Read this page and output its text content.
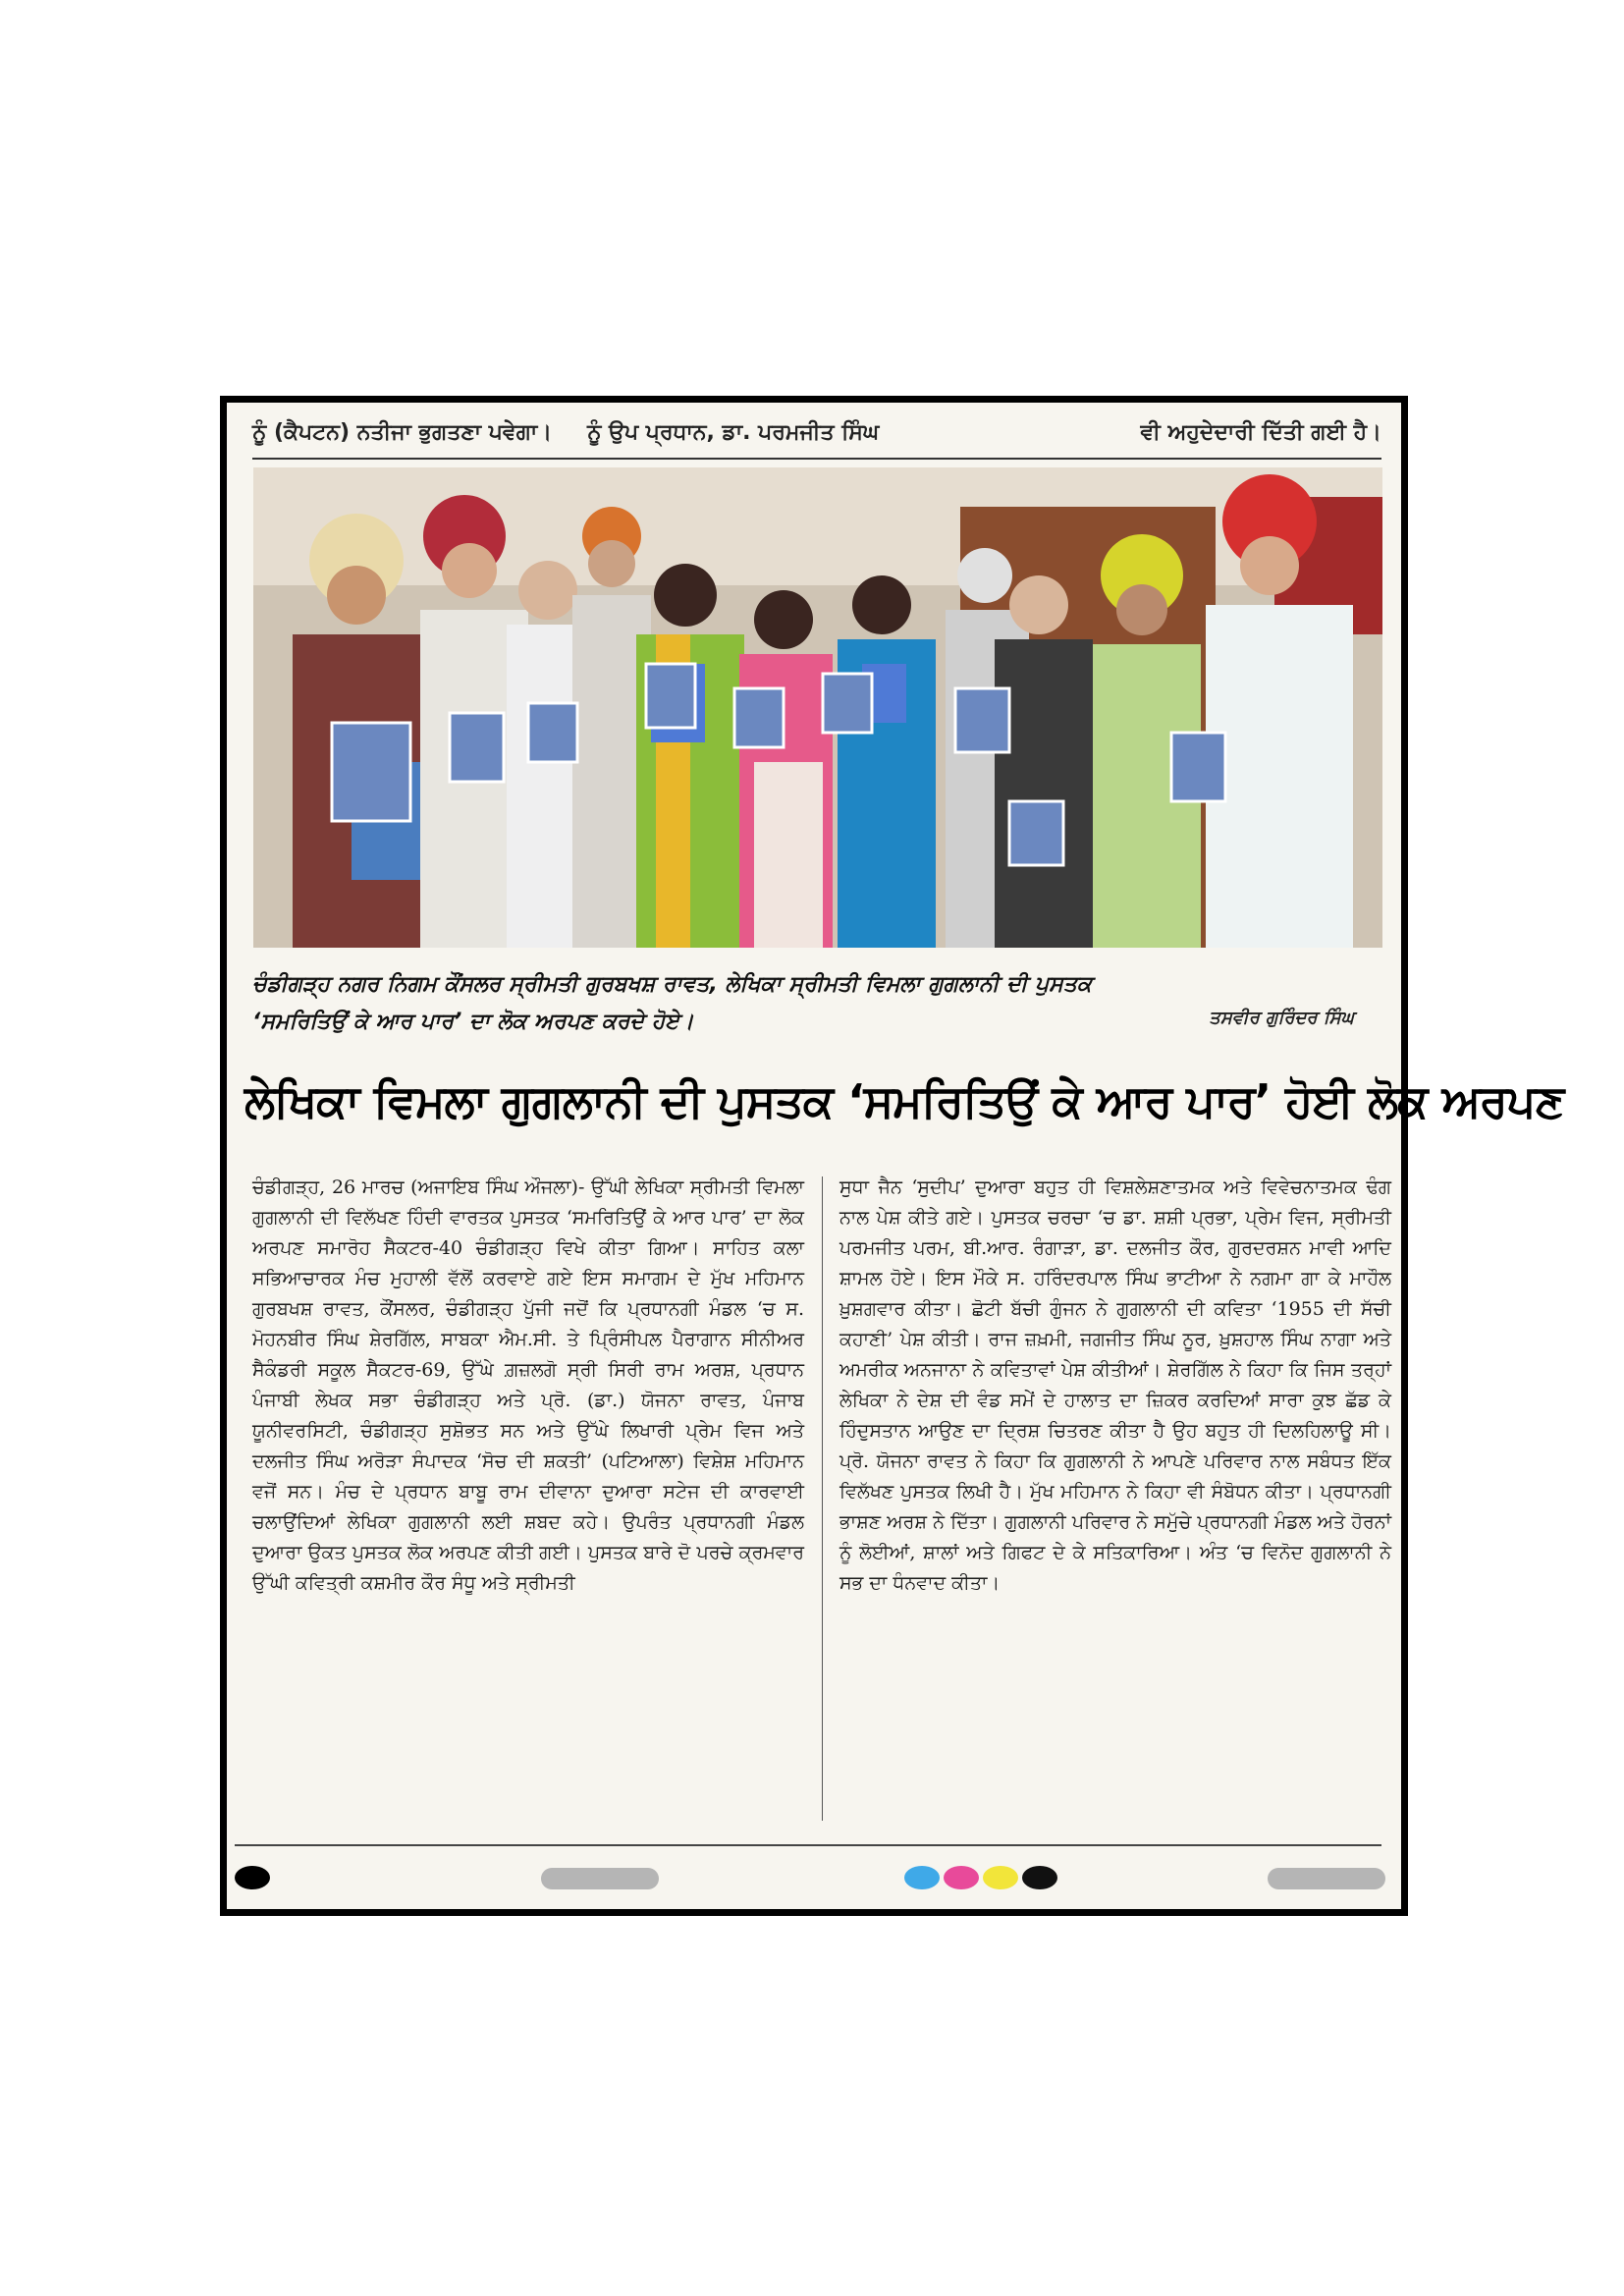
ਨੂੰ (ਕੈਪਟਨ) ਨਤੀਜਾ ਭੁਗਤਣਾ ਪਵੇਗਾ। ਨੂੰ ਉਪ ਪ੍ਰਧਾਨ, ਡਾ. ਪਰਮਜੀਤ ਸਿੰਘ	ਵੀ ਅਹੁਦੇਦਾਰੀ ਦਿੱਤੀ ਗਈ ਹੈ।
ਚੰਡੀਗੜ੍ਹ ਨਗਰ ਨਿਗਮ ਕੌਂਸਲਰ ਸ੍ਰੀਮਤੀ ਗੁਰਬਖਸ਼ ਰਾਵਤ, ਲੇਖਿਕਾ ਸ੍ਰੀਮਤੀ ਵਿਮਲਾ ਗੁਗਲਾਨੀ ਦੀ ਪੁਸਤਕ
‘ਸਮਰਿਤਿਉਂ ਕੇ ਆਰ ਪਾਰ’ ਦਾ ਲੋਕ ਅਰਪਣ ਕਰਦੇ ਹੋਏ।	ਤਸਵੀਰ ਗੁਰਿੰਦਰ ਸਿੰਘ
ਲੇਖਿਕਾ ਵਿਮਲਾ ਗੁਗਲਾਨੀ ਦੀ ਪੁਸਤਕ ‘ਸਮਰਿਤਿਉਂ ਕੇ ਆਰ ਪਾਰ’ ਹੋਈ ਲੋਕ ਅਰਪਣ
ਚੰਡੀਗੜ੍ਹ, 26 ਮਾਰਚ (ਅਜਾਇਬ ਸਿੰਘ ਔਜਲਾ)- ਉੱਘੀ ਲੇਖਿਕਾ ਸ੍ਰੀਮਤੀ ਵਿਮਲਾ ਗੁਗਲਾਨੀ ਦੀ ਵਿਲੱਖਣ ਹਿੰਦੀ ਵਾਰਤਕ ਪੁਸਤਕ ‘ਸਮਰਿਤਿਉਂ ਕੇ ਆਰ ਪਾਰ’ ਦਾ ਲੋਕ ਅਰਪਣ ਸਮਾਰੋਹ ਸੈਕਟਰ-40 ਚੰਡੀਗੜ੍ਹ ਵਿਖੇ ਕੀਤਾ ਗਿਆ। ਸਾਹਿਤ ਕਲਾ ਸਭਿਆਚਾਰਕ ਮੰਚ ਮੁਹਾਲੀ ਵੱਲੋਂ ਕਰਵਾਏ ਗਏ ਇਸ ਸਮਾਗਮ ਦੇ ਮੁੱਖ ਮਹਿਮਾਨ ਗੁਰਬਖਸ਼ ਰਾਵਤ, ਕੌਂਸਲਰ, ਚੰਡੀਗੜ੍ਹ ਪੁੱਜੀ ਜਦੋਂ ਕਿ ਪ੍ਰਧਾਨਗੀ ਮੰਡਲ ‘ਚ ਸ. ਮੋਹਨਬੀਰ ਸਿੰਘ ਸ਼ੇਰਗਿੱਲ, ਸਾਬਕਾ ਐਮ.ਸੀ. ਤੇ ਪ੍ਰਿੰਸੀਪਲ ਪੈਰਾਗਾਨ ਸੀਨੀਅਰ ਸੈਕੰਡਰੀ ਸਕੂਲ ਸੈਕਟਰ-69, ਉੱਘੇ ਗ਼ਜ਼ਲਗੋ ਸ੍ਰੀ ਸਿਰੀ ਰਾਮ ਅਰਸ਼, ਪ੍ਰਧਾਨ ਪੰਜਾਬੀ ਲੇਖਕ ਸਭਾ ਚੰਡੀਗੜ੍ਹ ਅਤੇ ਪ੍ਰੋ. (ਡਾ.) ਯੋਜਨਾ ਰਾਵਤ, ਪੰਜਾਬ ਯੂਨੀਵਰਸਿਟੀ, ਚੰਡੀਗੜ੍ਹ ਸੁਸ਼ੋਭਤ ਸਨ ਅਤੇ ਉੱਘੇ ਲਿਖਾਰੀ ਪ੍ਰੇਮ ਵਿਜ ਅਤੇ ਦਲਜੀਤ ਸਿੰਘ ਅਰੋੜਾ ਸੰਪਾਦਕ ‘ਸੋਚ ਦੀ ਸ਼ਕਤੀ’ (ਪਟਿਆਲਾ) ਵਿਸ਼ੇਸ਼ ਮਹਿਮਾਨ ਵਜੋਂ ਸਨ। ਮੰਚ ਦੇ ਪ੍ਰਧਾਨ ਬਾਬੂ ਰਾਮ ਦੀਵਾਨਾ ਦੁਆਰਾ ਸਟੇਜ ਦੀ ਕਾਰਵਾਈ ਚਲਾਉਂਦਿਆਂ ਲੇਖਿਕਾ ਗੁਗਲਾਨੀ ਲਈ ਸ਼ਬਦ ਕਹੇ। ਉਪਰੰਤ ਪ੍ਰਧਾਨਗੀ ਮੰਡਲ ਦੁਆਰਾ ਉਕਤ ਪੁਸਤਕ ਲੋਕ ਅਰਪਣ ਕੀਤੀ ਗਈ। ਪੁਸਤਕ ਬਾਰੇ ਦੋ ਪਰਚੇ ਕ੍ਰਮਵਾਰ ਉੱਘੀ ਕਵਿਤ੍ਰੀ ਕਸ਼ਮੀਰ ਕੌਰ ਸੰਧੂ ਅਤੇ ਸ੍ਰੀਮਤੀ
ਸੁਧਾ ਜੈਨ ‘ਸੁਦੀਪ’ ਦੁਆਰਾ ਬਹੁਤ ਹੀ ਵਿਸ਼ਲੇਸ਼ਣਾਤਮਕ ਅਤੇ ਵਿਵੇਚਨਾਤਮਕ ਢੰਗ ਨਾਲ ਪੇਸ਼ ਕੀਤੇ ਗਏ। ਪੁਸਤਕ ਚਰਚਾ ‘ਚ ਡਾ. ਸ਼ਸ਼ੀ ਪ੍ਰਭਾ, ਪ੍ਰੇਮ ਵਿਜ, ਸ੍ਰੀਮਤੀ ਪਰਮਜੀਤ ਪਰਮ, ਬੀ.ਆਰ. ਰੰਗਾੜਾ, ਡਾ. ਦਲਜੀਤ ਕੌਰ, ਗੁਰਦਰਸ਼ਨ ਮਾਵੀ ਆਦਿ ਸ਼ਾਮਲ ਹੋਏ। ਇਸ ਮੌਕੇ ਸ. ਹਰਿੰਦਰਪਾਲ ਸਿੰਘ ਭਾਟੀਆ ਨੇ ਨਗਮਾ ਗਾ ਕੇ ਮਾਹੌਲ ਖ਼ੁਸ਼ਗਵਾਰ ਕੀਤਾ। ਛੋਟੀ ਬੱਚੀ ਗੁੰਜਨ ਨੇ ਗੁਗਲਾਨੀ ਦੀ ਕਵਿਤਾ ‘1955 ਦੀ ਸੱਚੀ ਕਹਾਣੀ’ ਪੇਸ਼ ਕੀਤੀ। ਰਾਜ ਜ਼ਖ਼ਮੀ, ਜਗਜੀਤ ਸਿੰਘ ਨੂਰ, ਖ਼ੁਸ਼ਹਾਲ ਸਿੰਘ ਨਾਗਾ ਅਤੇ ਅਮਰੀਕ ਅਨਜਾਨਾ ਨੇ ਕਵਿਤਾਵਾਂ ਪੇਸ਼ ਕੀਤੀਆਂ। ਸ਼ੇਰਗਿੱਲ ਨੇ ਕਿਹਾ ਕਿ ਜਿਸ ਤਰ੍ਹਾਂ ਲੇਖਿਕਾ ਨੇ ਦੇਸ਼ ਦੀ ਵੰਡ ਸਮੇਂ ਦੇ ਹਾਲਾਤ ਦਾ ਜ਼ਿਕਰ ਕਰਦਿਆਂ ਸਾਰਾ ਕੁਝ ਛੱਡ ਕੇ ਹਿੰਦੁਸਤਾਨ ਆਉਣ ਦਾ ਦ੍ਰਿਸ਼ ਚਿਤਰਣ ਕੀਤਾ ਹੈ ਉਹ ਬਹੁਤ ਹੀ ਦਿਲਹਿਲਾਊ ਸੀ। ਪ੍ਰੋ. ਯੋਜਨਾ ਰਾਵਤ ਨੇ ਕਿਹਾ ਕਿ ਗੁਗਲਾਨੀ ਨੇ ਆਪਣੇ ਪਰਿਵਾਰ ਨਾਲ ਸਬੰਧਤ ਇੱਕ ਵਿਲੱਖਣ ਪੁਸਤਕ ਲਿਖੀ ਹੈ। ਮੁੱਖ ਮਹਿਮਾਨ ਨੇ ਕਿਹਾ ਵੀ ਸੰਬੋਧਨ ਕੀਤਾ। ਪ੍ਰਧਾਨਗੀ ਭਾਸ਼ਣ ਅਰਸ਼ ਨੇ ਦਿੱਤਾ। ਗੁਗਲਾਨੀ ਪਰਿਵਾਰ ਨੇ ਸਮੁੱਚੇ ਪ੍ਰਧਾਨਗੀ ਮੰਡਲ ਅਤੇ ਹੋਰਨਾਂ ਨੂੰ ਲੋਈਆਂ, ਸ਼ਾਲਾਂ ਅਤੇ ਗਿਫਟ ਦੇ ਕੇ ਸਤਿਕਾਰਿਆ। ਅੰਤ ‘ਚ ਵਿਨੋਦ ਗੁਗਲਾਨੀ ਨੇ ਸਭ ਦਾ ਧੰਨਵਾਦ ਕੀਤਾ।
